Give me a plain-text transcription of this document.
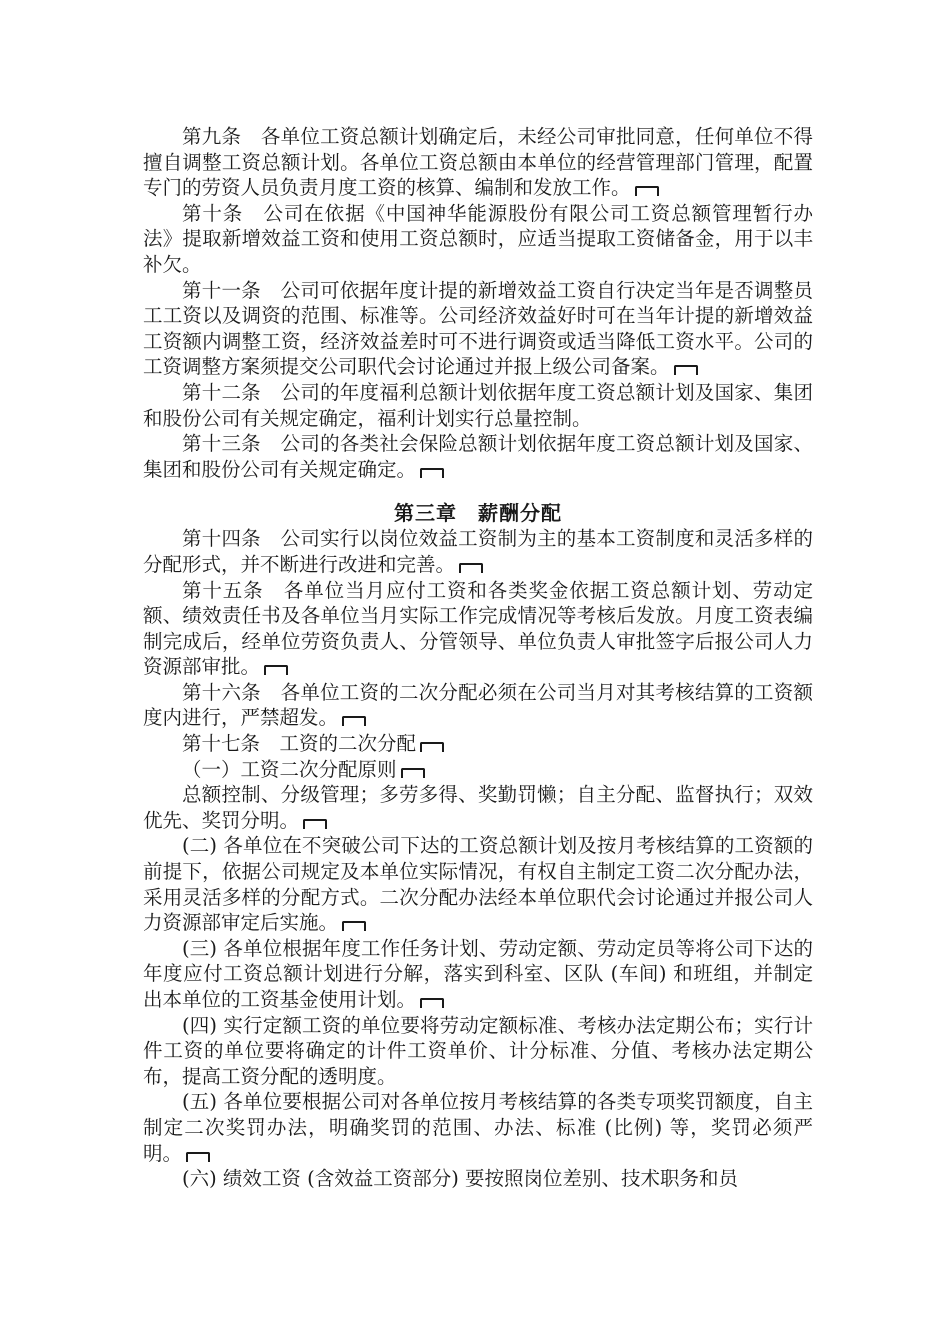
第九条　各单位工资总额计划确定后，未经公司审批同意，任何单位不得擅自调整工资总额计划。各单位工资总额由本单位的经营管理部门管理，配置专门的劳资人员负责月度工资的核算、编制和发放工作。

第十条　公司在依据《中国神华能源股份有限公司工资总额管理暂行办法》提取新增效益工资和使用工资总额时，应适当提取工资储备金，用于以丰补欠。

第十一条　公司可依据年度计提的新增效益工资自行决定当年是否调整员工工资以及调资的范围、标准等。公司经济效益好时可在当年计提的新增效益工资额内调整工资，经济效益差时可不进行调资或适当降低工资水平。公司的工资调整方案须提交公司职代会讨论通过并报上级公司备案。

第十二条　公司的年度福利总额计划依据年度工资总额计划及国家、集团和股份公司有关规定确定，福利计划实行总量控制。

第十三条　公司的各类社会保险总额计划依据年度工资总额计划及国家、集团和股份公司有关规定确定。

第三章　薪酬分配

第十四条　公司实行以岗位效益工资制为主的基本工资制度和灵活多样的分配形式，并不断进行改进和完善。

第十五条　各单位当月应付工资和各类奖金依据工资总额计划、劳动定额、绩效责任书及各单位当月实际工作完成情况等考核后发放。月度工资表编制完成后，经单位劳资负责人、分管领导、单位负责人审批签字后报公司人力资源部审批。

第十六条　各单位工资的二次分配必须在公司当月对其考核结算的工资额度内进行，严禁超发。

第十七条　工资的二次分配

（一）工资二次分配原则

总额控制、分级管理；多劳多得、奖勤罚懒；自主分配、监督执行；双效优先、奖罚分明。

(二) 各单位在不突破公司下达的工资总额计划及按月考核结算的工资额的前提下，依据公司规定及本单位实际情况，有权自主制定工资二次分配办法，采用灵活多样的分配方式。二次分配办法经本单位职代会讨论通过并报公司人力资源部审定后实施。

(三) 各单位根据年度工作任务计划、劳动定额、劳动定员等将公司下达的年度应付工资总额计划进行分解，落实到科室、区队 (车间) 和班组，并制定出本单位的工资基金使用计划。

(四) 实行定额工资的单位要将劳动定额标准、考核办法定期公布；实行计件工资的单位要将确定的计件工资单价、计分标准、分值、考核办法定期公布，提高工资分配的透明度。

(五) 各单位要根据公司对各单位按月考核结算的各类专项奖罚额度，自主制定二次奖罚办法，明确奖罚的范围、办法、标准 (比例) 等，奖罚必须严明。

(六) 绩效工资 (含效益工资部分) 要按照岗位差别、技术职务和员
